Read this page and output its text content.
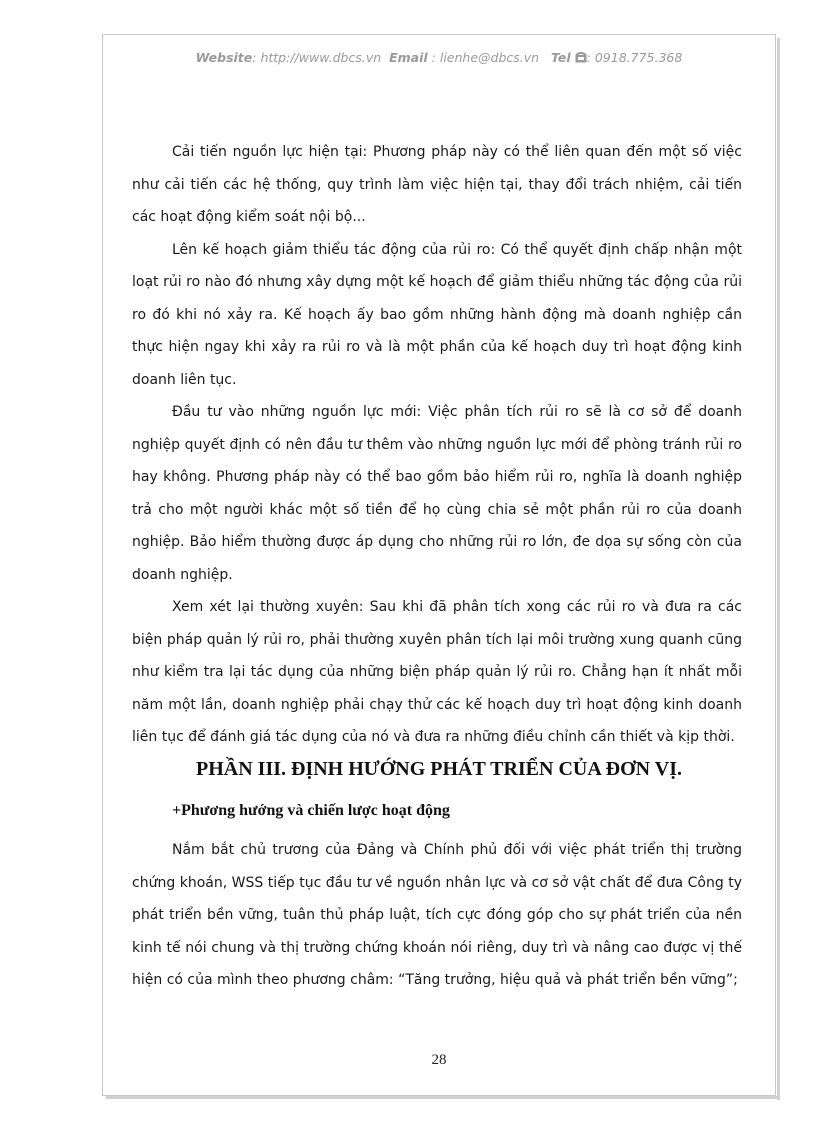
Website: http://www.dbcs.vn Email : lienhe@dbcs.vn Tel : 0918.775.368

Cải tiến nguồn lực hiện tại: Phương pháp này có thể liên quan đến một số việc như cải tiến các hệ thống, quy trình làm việc hiện tại, thay đổi trách nhiệm, cải tiến các hoạt động kiểm soát nội bộ...

Lên kế hoạch giảm thiểu tác động của rủi ro: Có thể quyết định chấp nhận một loạt rủi ro nào đó nhưng xây dựng một kế hoạch để giảm thiểu những tác động của rủi ro đó khi nó xảy ra. Kế hoạch ấy bao gồm những hành động mà doanh nghiệp cần thực hiện ngay khi xảy ra rủi ro và là một phần của kế hoạch duy trì hoạt động kinh doanh liên tục.

Đầu tư vào những nguồn lực mới: Việc phân tích rủi ro sẽ là cơ sở để doanh nghiệp quyết định có nên đầu tư thêm vào những nguồn lực mới để phòng tránh rủi ro hay không. Phương pháp này có thể bao gồm bảo hiểm rủi ro, nghĩa là doanh nghiệp trả cho một người khác một số tiền để họ cùng chia sẻ một phần rủi ro của doanh nghiệp. Bảo hiểm thường được áp dụng cho những rủi ro lớn, đe dọa sự sống còn của doanh nghiệp.

Xem xét lại thường xuyên: Sau khi đã phân tích xong các rủi ro và đưa ra các biện pháp quản lý rủi ro, phải thường xuyên phân tích lại môi trường xung quanh cũng như kiểm tra lại tác dụng của những biện pháp quản lý rủi ro. Chẳng hạn ít nhất mỗi năm một lần, doanh nghiệp phải chạy thử các kế hoạch duy trì hoạt động kinh doanh liên tục để đánh giá tác dụng của nó và đưa ra những điều chỉnh cần thiết và kịp thời.

PHẦN III. ĐỊNH HƯỚNG PHÁT TRIỂN CỦA ĐƠN VỊ.
+Phương hướng và chiến lược hoạt động

Nắm bắt chủ trương của Đảng và Chính phủ đối với việc phát triển thị trường chứng khoán, WSS tiếp tục đầu tư về nguồn nhân lực và cơ sở vật chất để đưa Công ty phát triển bền vững, tuân thủ pháp luật, tích cực đóng góp cho sự phát triển của nền kinh tế nói chung và thị trường chứng khoán nói riêng, duy trì và nâng cao được vị thế hiện có của mình theo phương châm: “Tăng trưởng, hiệu quả và phát triển bền vững”;

28
